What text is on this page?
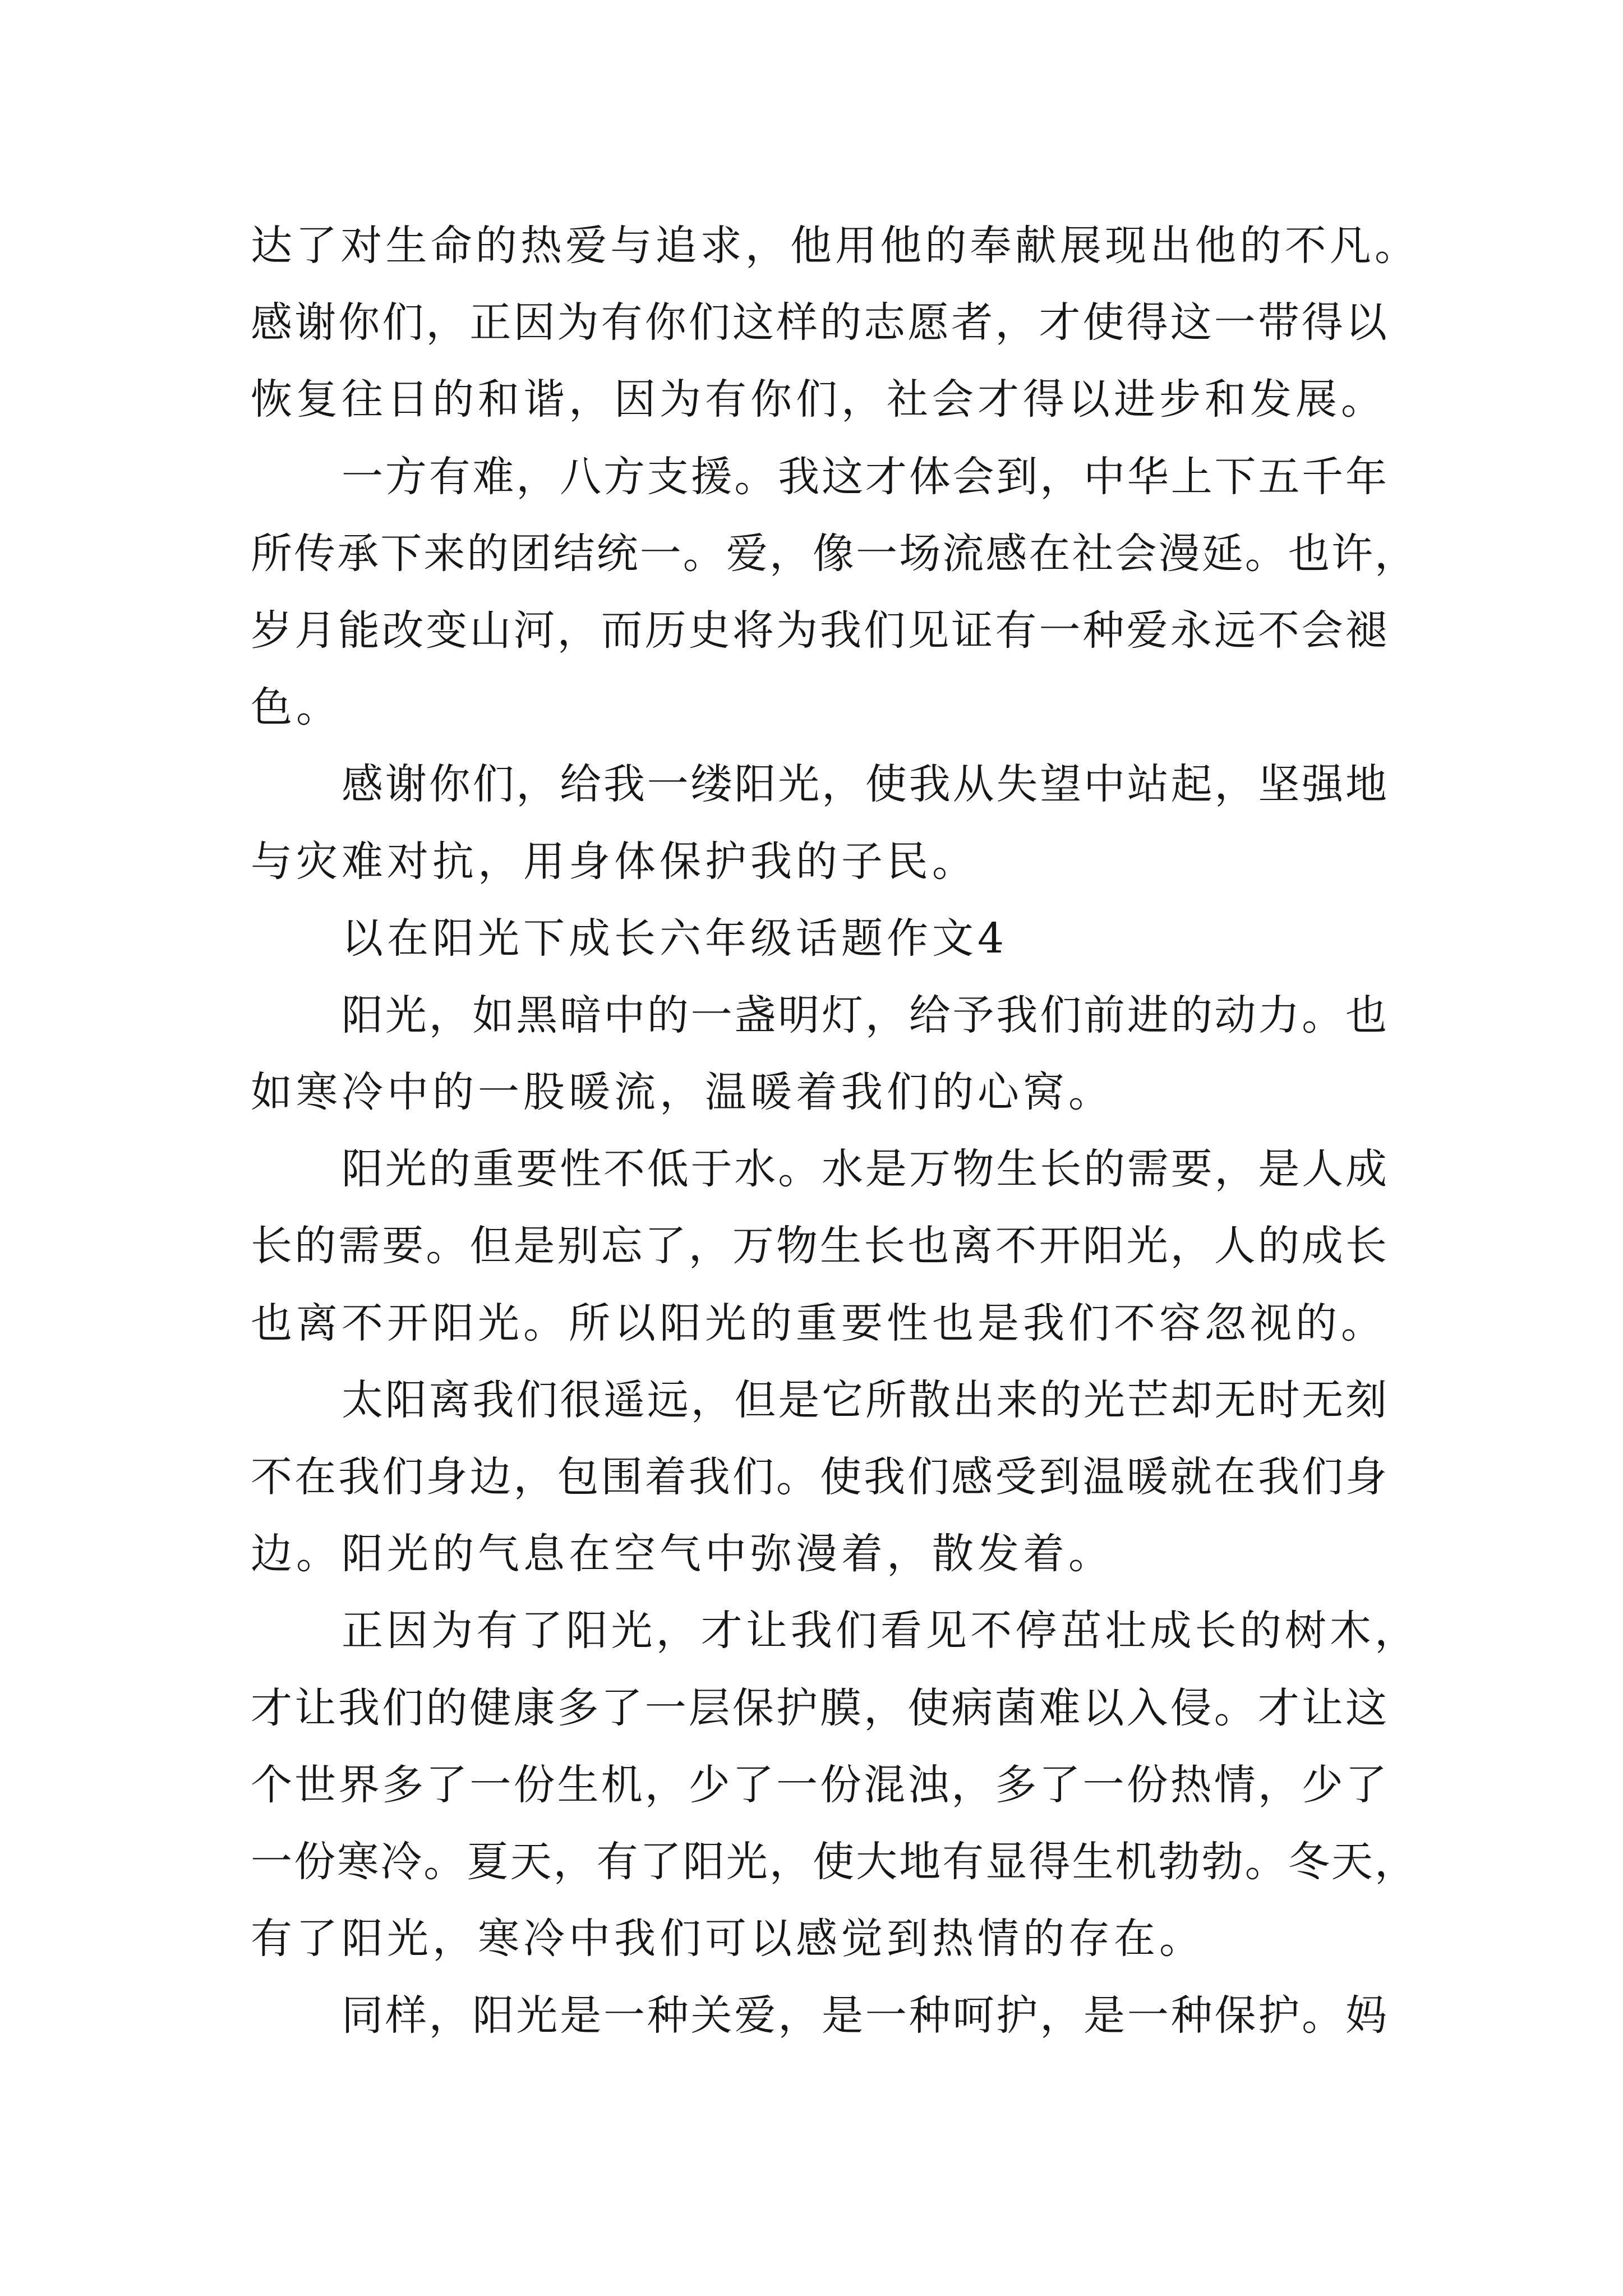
达了对生命的热爱与追求，他用他的奉献展现出他的不凡。
感谢你们，正因为有你们这样的志愿者，才使得这一带得以
恢复往日的和谐，因为有你们，社会才得以进步和发展。
一方有难，八方支援。我这才体会到，中华上下五千年
所传承下来的团结统一。爱，像一场流感在社会漫延。也许，
岁月能改变山河，而历史将为我们见证有一种爱永远不会褪
色。
感谢你们，给我一缕阳光，使我从失望中站起，坚强地
与灾难对抗，用身体保护我的子民。
以在阳光下成长六年级话题作文4
阳光，如黑暗中的一盏明灯，给予我们前进的动力。也
如寒冷中的一股暖流，温暖着我们的心窝。
阳光的重要性不低于水。水是万物生长的需要，是人成
长的需要。但是别忘了，万物生长也离不开阳光，人的成长
也离不开阳光。所以阳光的重要性也是我们不容忽视的。
太阳离我们很遥远，但是它所散出来的光芒却无时无刻
不在我们身边，包围着我们。使我们感受到温暖就在我们身
边。阳光的气息在空气中弥漫着，散发着。
正因为有了阳光，才让我们看见不停茁壮成长的树木，
才让我们的健康多了一层保护膜，使病菌难以入侵。才让这
个世界多了一份生机，少了一份混浊，多了一份热情，少了
一份寒冷。夏天，有了阳光，使大地有显得生机勃勃。冬天，
有了阳光，寒冷中我们可以感觉到热情的存在。
同样，阳光是一种关爱，是一种呵护，是一种保护。妈
